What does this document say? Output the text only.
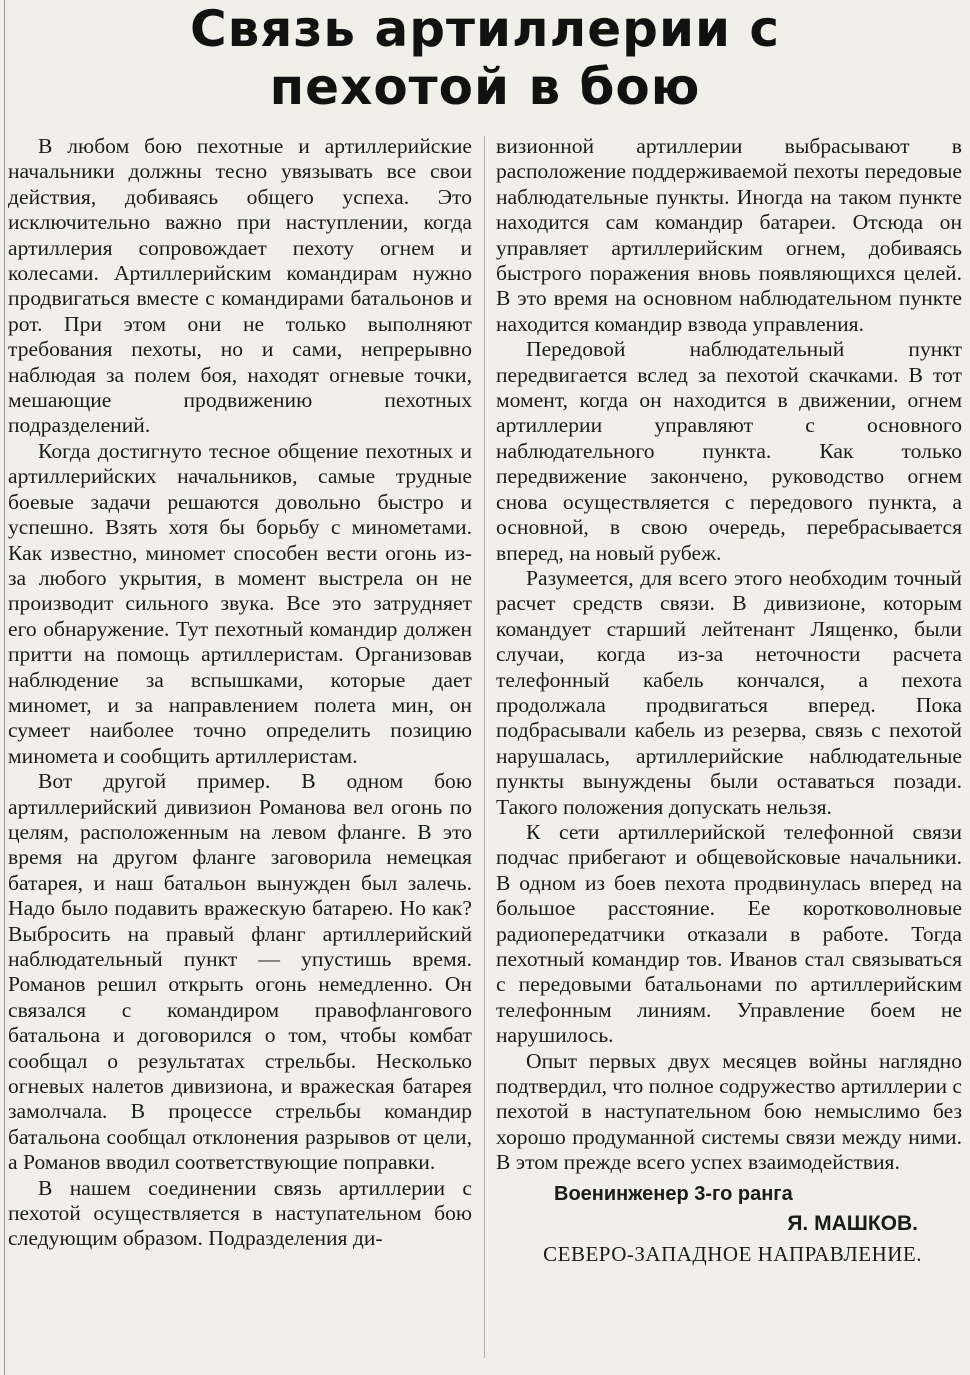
Связь артиллерии с
пехотой в бою

В любом бою пехотные и артиллерийские начальники должны тесно увязывать все свои действия, добиваясь общего успеха. Это исключительно важно при наступлении, когда артиллерия сопровождает пехоту огнем и колесами. Артиллерийским командирам нужно продвигаться вместе с командирами батальонов и рот. При этом они не только выполняют требования пехоты, но и сами, непрерывно наблюдая за полем боя, находят огневые точки, мешающие продвижению пехотных подразделений.

Когда достигнуто тесное общение пехотных и артиллерийских начальников, самые трудные боевые задачи решаются довольно быстро и успешно. Взять хотя бы борьбу с минометами. Как известно, миномет способен вести огонь из-за любого укрытия, в момент выстрела он не производит сильного звука. Все это затрудняет его обнаружение. Тут пехотный командир должен притти на помощь артиллеристам. Организовав наблюдение за вспышками, которые дает миномет, и за направлением полета мин, он сумеет наиболее точно определить позицию миномета и сообщить артиллеристам.

Вот другой пример. В одном бою артиллерийский дивизион Романова вел огонь по целям, расположенным на левом фланге. В это время на другом фланге заговорила немецкая батарея, и наш батальон вынужден был залечь. Надо было подавить вражескую батарею. Но как? Выбросить на правый фланг артиллерийский наблюдательный пункт — упустишь время. Романов решил открыть огонь немедленно. Он связался с командиром правофлангового батальона и договорился о том, чтобы комбат сообщал о результатах стрельбы. Несколько огневых налетов дивизиона, и вражеская батарея замолчала. В процессе стрельбы командир батальона сообщал отклонения разрывов от цели, а Романов вводил соответствующие поправки.

В нашем соединении связь артиллерии с пехотой осуществляется в наступательном бою следующим образом. Подразделения ди-

визионной артиллерии выбрасывают в расположение поддерживаемой пехоты передовые наблюдательные пункты. Иногда на таком пункте находится сам командир батареи. Отсюда он управляет артиллерийским огнем, добиваясь быстрого поражения вновь появляющихся целей. В это время на основном наблюдательном пункте находится командир взвода управления.

Передовой наблюдательный пункт передвигается вслед за пехотой скачками. В тот момент, когда он находится в движении, огнем артиллерии управляют с основного наблюдательного пункта. Как только передвижение закончено, руководство огнем снова осуществляется с передового пункта, а основной, в свою очередь, перебрасывается вперед, на новый рубеж.

Разумеется, для всего этого необходим точный расчет средств связи. В дивизионе, которым командует старший лейтенант Лященко, были случаи, когда из-за неточности расчета телефонный кабель кончался, а пехота продолжала продвигаться вперед. Пока подбрасывали кабель из резерва, связь с пехотой нарушалась, артиллерийские наблюдательные пункты вынуждены были оставаться позади. Такого положения допускать нельзя.

К сети артиллерийской телефонной связи подчас прибегают и общевойсковые начальники. В одном из боев пехота продвинулась вперед на большое расстояние. Ее коротковолновые радиопередатчики отказали в работе. Тогда пехотный командир тов. Иванов стал связываться с передовыми батальонами по артиллерийским телефонным линиям. Управление боем не нарушилось.

Опыт первых двух месяцев войны наглядно подтвердил, что полное содружество артиллерии с пехотой в наступательном бою немыслимо без хорошо продуманной системы связи между ними. В этом прежде всего успех взаимодействия.

Военинженер 3-го ранга

Я. МАШКОВ.

СЕВЕРО-ЗАПАДНОЕ НАПРАВЛЕНИЕ.
